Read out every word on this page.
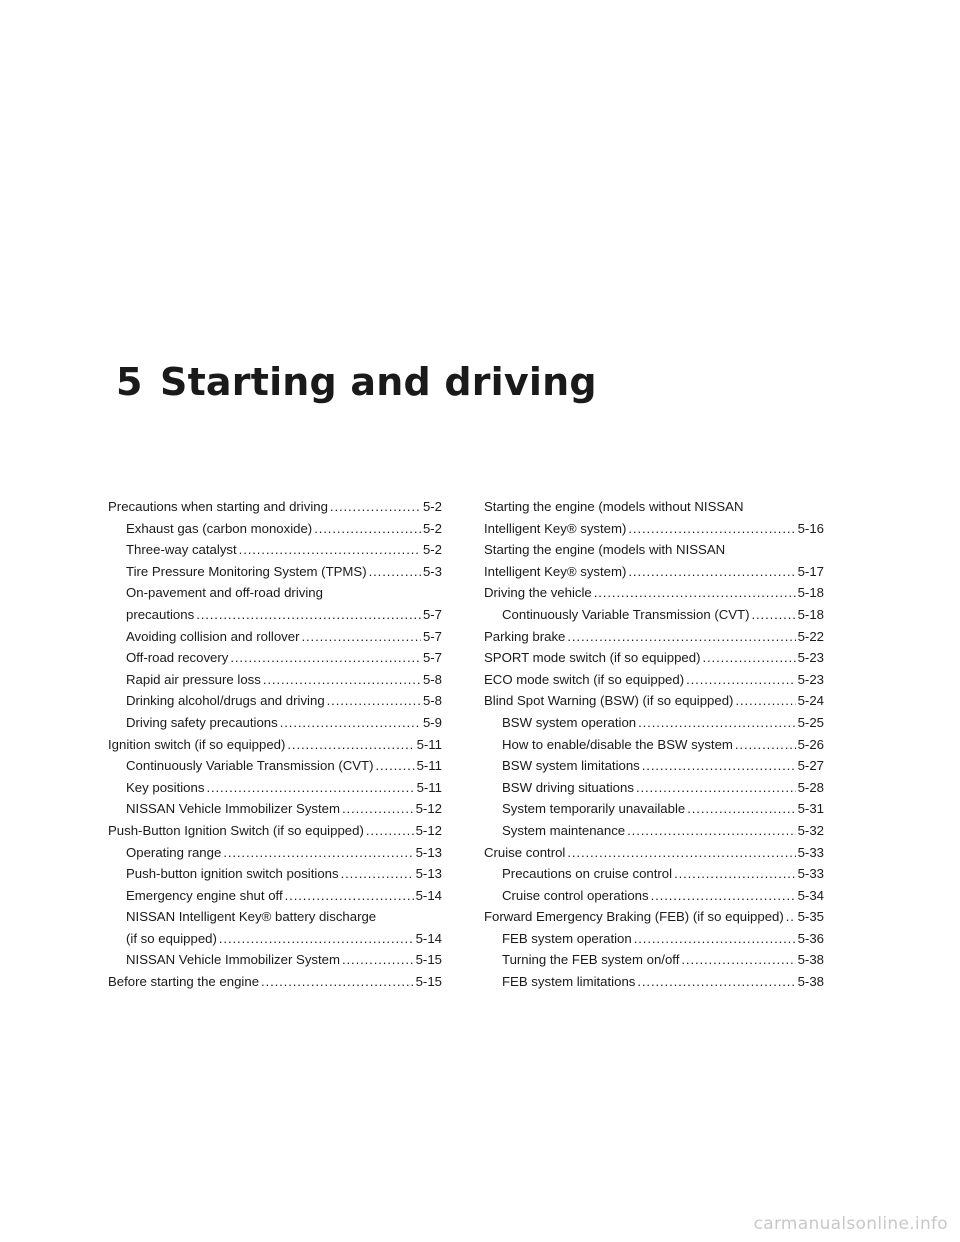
5 Starting and driving
Precautions when starting and driving . . .	5-2
Exhaust gas (carbon monoxide) . . .	5-2
Three-way catalyst . . .	5-2
Tire Pressure Monitoring System (TPMS) . . .	5-3
On-pavement and off-road driving
precautions . . .	5-7
Avoiding collision and rollover . . .	5-7
Off-road recovery . . .	5-7
Rapid air pressure loss . . .	5-8
Drinking alcohol/drugs and driving . . .	5-8
Driving safety precautions . . .	5-9
Ignition switch (if so equipped) . . .	5-11
Continuously Variable Transmission (CVT) . . .	5-11
Key positions . . .	5-11
NISSAN Vehicle Immobilizer System . . .	5-12
Push-Button Ignition Switch (if so equipped) . . .	5-12
Operating range . . .	5-13
Push-button ignition switch positions . . .	5-13
Emergency engine shut off . . .	5-14
NISSAN Intelligent Key® battery discharge
(if so equipped) . . .	5-14
NISSAN Vehicle Immobilizer System . . .	5-15
Before starting the engine . . .	5-15
Starting the engine (models without NISSAN
Intelligent Key® system) . . .	5-16
Starting the engine (models with NISSAN
Intelligent Key® system) . . .	5-17
Driving the vehicle . . .	5-18
Continuously Variable Transmission (CVT) . . .	5-18
Parking brake . . .	5-22
SPORT mode switch (if so equipped) . . .	5-23
ECO mode switch (if so equipped) . . .	5-23
Blind Spot Warning (BSW) (if so equipped) . . .	5-24
BSW system operation . . .	5-25
How to enable/disable the BSW system . . .	5-26
BSW system limitations . . .	5-27
BSW driving situations . . .	5-28
System temporarily unavailable . . .	5-31
System maintenance . . .	5-32
Cruise control . . .	5-33
Precautions on cruise control . . .	5-33
Cruise control operations . . .	5-34
Forward Emergency Braking (FEB) (if so equipped) . . . 5-35
FEB system operation . . .	5-36
Turning the FEB system on/off . . .	5-38
FEB system limitations . . .	5-38

carmanualsonline.info
